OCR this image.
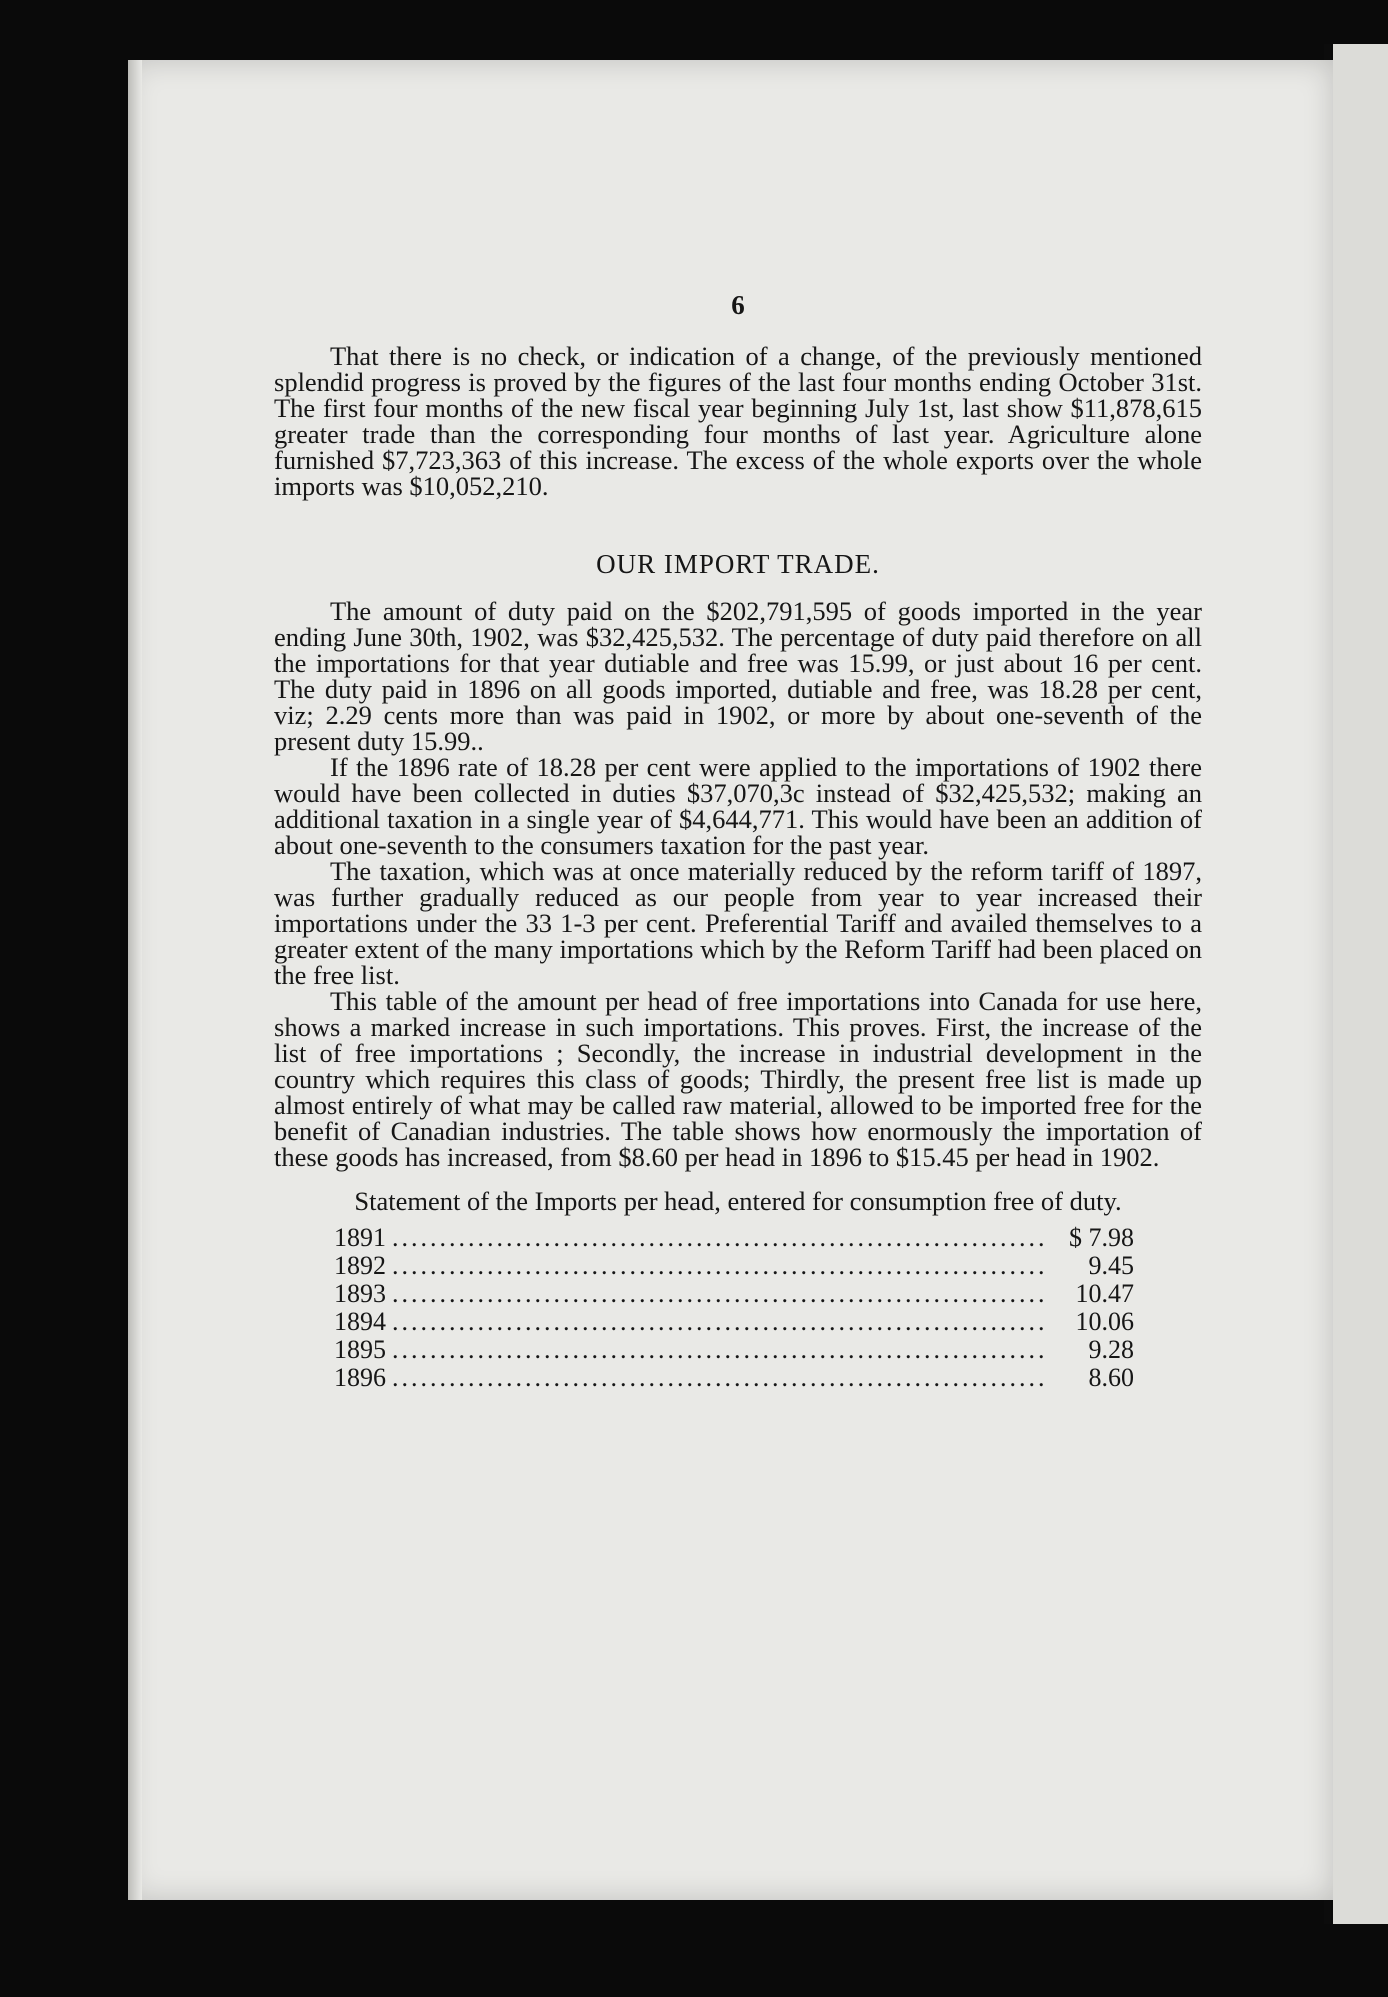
6

That there is no check, or indication of a change, of the previously mentioned splendid progress is proved by the figures of the last four months ending October 31st. The first four months of the new fiscal year beginning July 1st, last show $11,878,615 greater trade than the corresponding four months of last year. Agriculture alone furnished $7,723,363 of this increase. The excess of the whole exports over the whole imports was $10,052,210.

OUR IMPORT TRADE.

The amount of duty paid on the $202,791,595 of goods imported in the year ending June 30th, 1902, was $32,425,532. The percentage of duty paid therefore on all the importations for that year dutiable and free was 15.99, or just about 16 per cent. The duty paid in 1896 on all goods imported, dutiable and free, was 18.28 per cent, viz; 2.29 cents more than was paid in 1902, or more by about one-seventh of the present duty 15.99..

If the 1896 rate of 18.28 per cent were applied to the importations of 1902 there would have been collected in duties $37,070,3c instead of $32,425,532; making an additional taxation in a single year of $4,644,771. This would have been an addition of about one-seventh to the consumers taxation for the past year.

The taxation, which was at once materially reduced by the reform tariff of 1897, was further gradually reduced as our people from year to year increased their importations under the 33 1-3 per cent. Preferential Tariff and availed themselves to a greater extent of the many importations which by the Reform Tariff had been placed on the free list.

This table of the amount per head of free importations into Canada for use here, shows a marked increase in such importations. This proves. First, the increase of the list of free importations ; Secondly, the increase in industrial development in the country which requires this class of goods; Thirdly, the present free list is made up almost entirely of what may be called raw material, allowed to be imported free for the benefit of Canadian industries. The table shows how enormously the importation of these goods has increased, from $8.60 per head in 1896 to $15.45 per head in 1902.

Statement of the Imports per head, entered for consumption free of duty.
1891 .....	$ 7.98
1892 .....	9.45
1893 .....	10.47
1894 .....	10.06
1895 .....	9.28
1896 .....	8.60
